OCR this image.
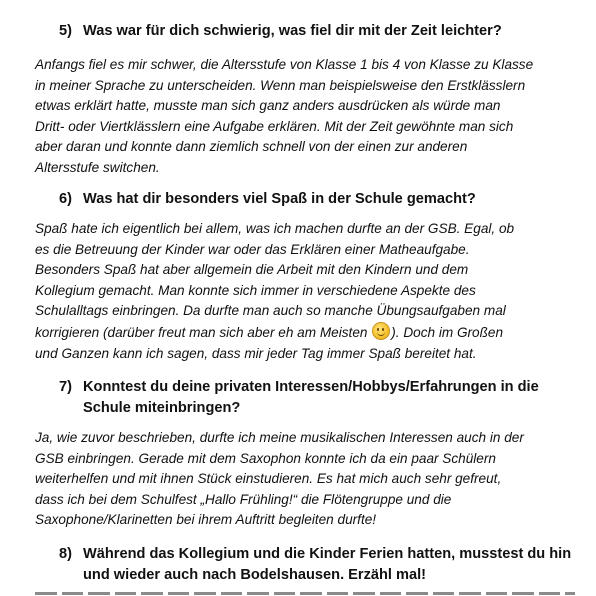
5) Was war für dich schwierig, was fiel dir mit der Zeit leichter?
Anfangs fiel es mir schwer, die Altersstufe von Klasse 1 bis 4 von Klasse zu Klasse
in meiner Sprache zu unterscheiden. Wenn man beispielsweise den Erstklässlern
etwas erklärt hatte, musste man sich ganz anders ausdrücken als würde man
Dritt- oder Viertklässlern eine Aufgabe erklären. Mit der Zeit gewöhnte man sich
aber daran und konnte dann ziemlich schnell von der einen zur anderen
Altersstufe switchen.
6) Was hat dir besonders viel Spaß in der Schule gemacht?
Spaß hate ich eigentlich bei allem, was ich machen durfte an der GSB. Egal, ob
es die Betreuung der Kinder war oder das Erklären einer Matheaufgabe.
Besonders Spaß hat aber allgemein die Arbeit mit den Kindern und dem
Kollegium gemacht. Man konnte sich immer in verschiedene Aspekte des
Schulalltags einbringen. Da durfte man auch so manche Übungsaufgaben mal
korrigieren (darüber freut man sich aber eh am Meisten ). Doch im Großen
und Ganzen kann ich sagen, dass mir jeder Tag immer Spaß bereitet hat.
7) Konntest du deine privaten Interessen/Hobbys/Erfahrungen in die
Schule miteinbringen?
Ja, wie zuvor beschrieben, durfte ich meine musikalischen Interessen auch in der
GSB einbringen. Gerade mit dem Saxophon konnte ich da ein paar Schülern
weiterhelfen und mit ihnen Stück einstudieren. Es hat mich auch sehr gefreut,
dass ich bei dem Schulfest „Hallo Frühling!“ die Flötengruppe und die
Saxophone/Klarinetten bei ihrem Auftritt begleiten durfte!
8) Während das Kollegium und die Kinder Ferien hatten, musstest du hin
und wieder auch nach Bodelshausen. Erzähl mal!
